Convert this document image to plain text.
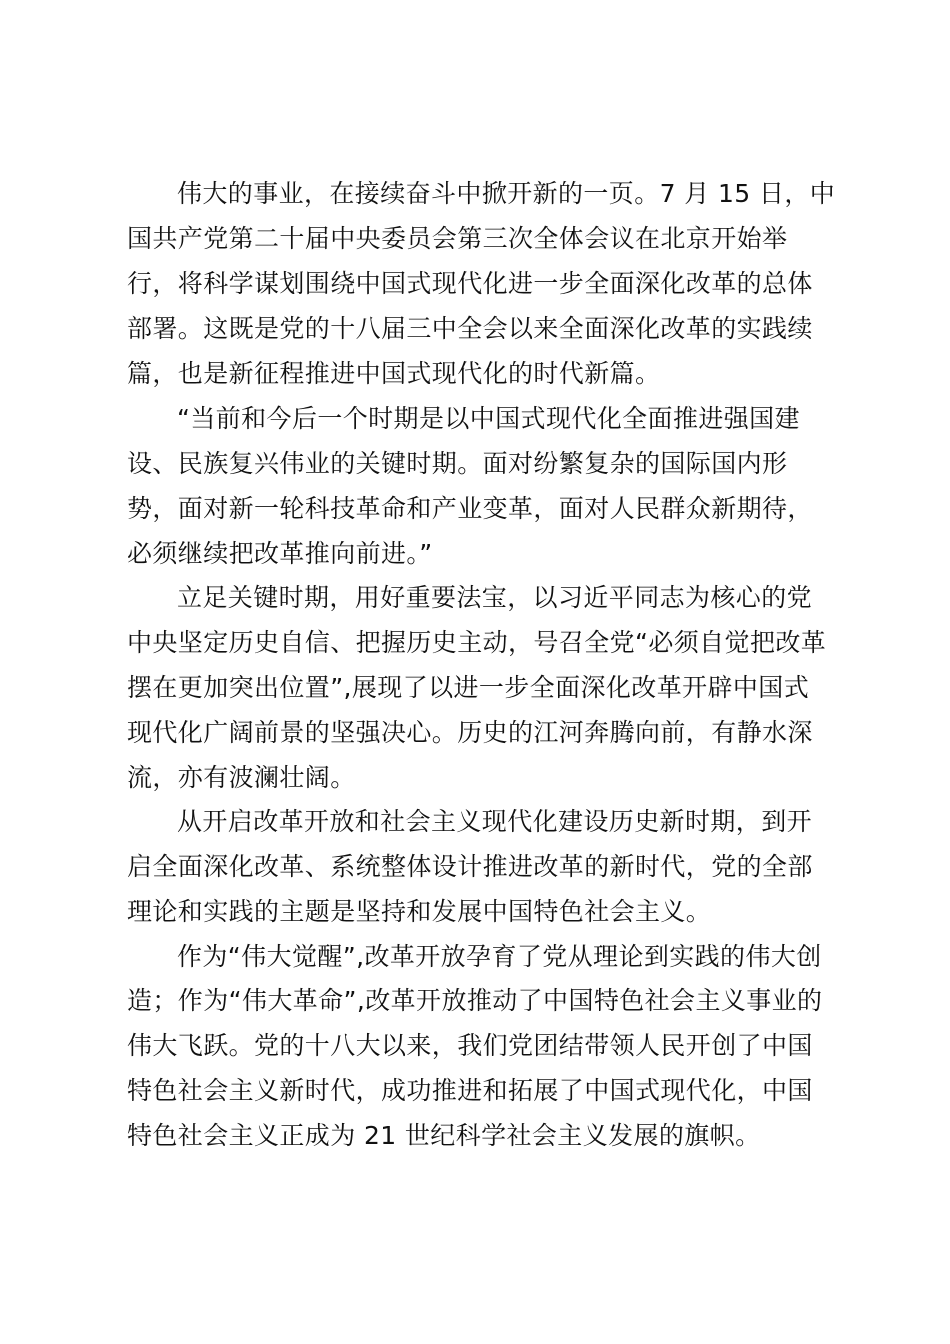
伟大的事业，在接续奋斗中掀开新的一页。7 月 15 日，中
国共产党第二十届中央委员会第三次全体会议在北京开始举
行，将科学谋划围绕中国式现代化进一步全面深化改革的总体
部署。这既是党的十八届三中全会以来全面深化改革的实践续
篇，也是新征程推进中国式现代化的时代新篇。
“当前和今后一个时期是以中国式现代化全面推进强国建
设、民族复兴伟业的关键时期。面对纷繁复杂的国际国内形
势，面对新一轮科技革命和产业变革，面对人民群众新期待，
必须继续把改革推向前进。”
立足关键时期，用好重要法宝，以习近平同志为核心的党
中央坚定历史自信、把握历史主动，号召全党“必须自觉把改革
摆在更加突出位置”,展现了以进一步全面深化改革开辟中国式
现代化广阔前景的坚强决心。历史的江河奔腾向前，有静水深
流，亦有波澜壮阔。
从开启改革开放和社会主义现代化建设历史新时期，到开
启全面深化改革、系统整体设计推进改革的新时代，党的全部
理论和实践的主题是坚持和发展中国特色社会主义。
作为“伟大觉醒”,改革开放孕育了党从理论到实践的伟大创
造；作为“伟大革命”,改革开放推动了中国特色社会主义事业的
伟大飞跃。党的十八大以来，我们党团结带领人民开创了中国
特色社会主义新时代，成功推进和拓展了中国式现代化，中国
特色社会主义正成为 21 世纪科学社会主义发展的旗帜。
